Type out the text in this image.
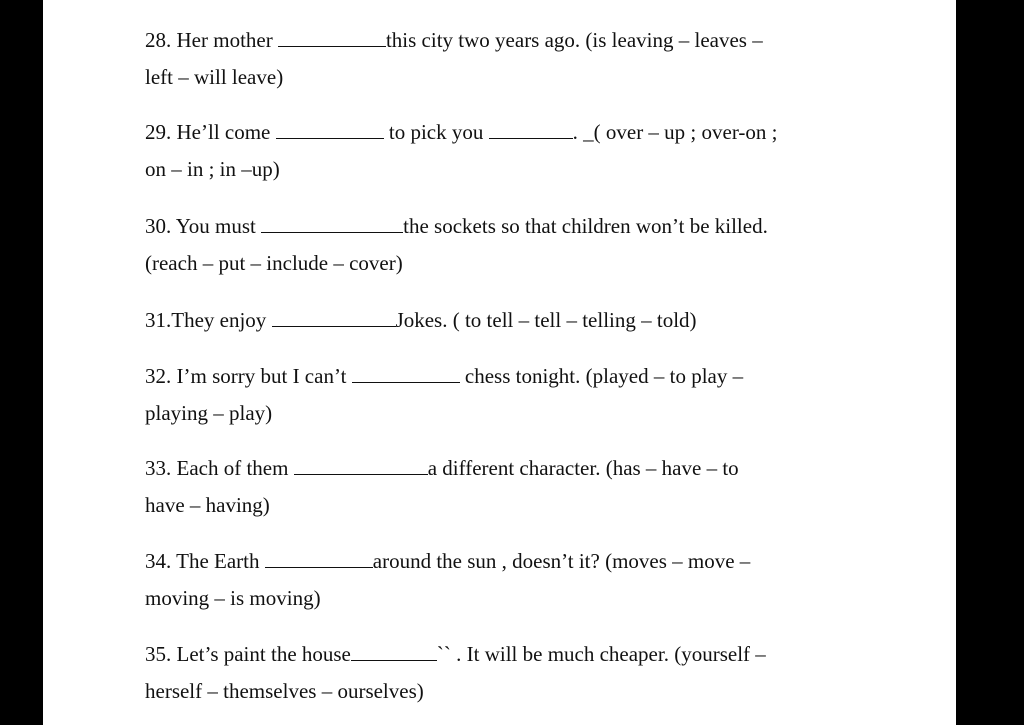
28. Her mother	this city two years ago. (is leaving – leaves –
left – will leave)
29. He’ll come	to pick you	. _( over – up ; over-on ;
on – in ; in –up)
30. You must	the sockets so that children won’t be killed.
(reach – put – include – cover)
31.They enjoy	Jokes. ( to tell – tell – telling – told)
32. I’m sorry but I can’t	chess tonight. (played – to play –
playing – play)
33. Each of them	a different character. (has – have – to
have – having)
34. The Earth	around the sun , doesn’t it? (moves – move –
moving – is moving)
35. Let’s paint the house	`` . It will be much cheaper. (yourself –
herself – themselves – ourselves)
